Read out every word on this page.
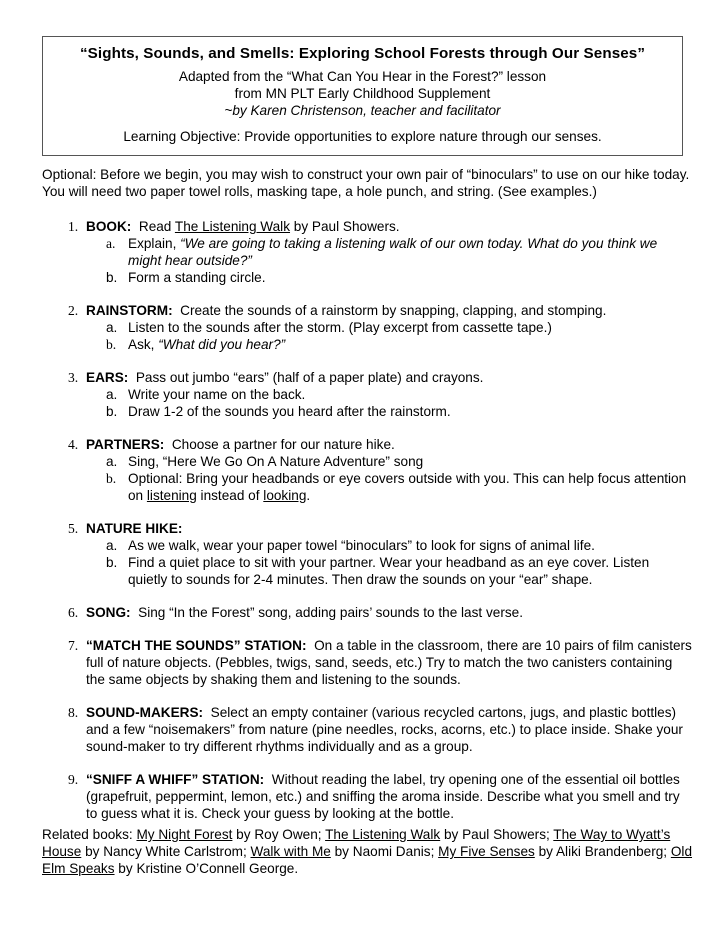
“Sights, Sounds, and Smells: Exploring School Forests through Our Senses”
Adapted from the “What Can You Hear in the Forest?” lesson
from MN PLT Early Childhood Supplement
~by Karen Christenson, teacher and facilitator
Learning Objective: Provide opportunities to explore nature through our senses.
Optional: Before we begin, you may wish to construct your own pair of “binoculars” to use on our hike today. You will need two paper towel rolls, masking tape, a hole punch, and string. (See examples.)
1. BOOK: Read The Listening Walk by Paul Showers.
a. Explain, “We are going to taking a listening walk of our own today. What do you think we might hear outside?”
b. Form a standing circle.
2. RAINSTORM: Create the sounds of a rainstorm by snapping, clapping, and stomping.
a. Listen to the sounds after the storm. (Play excerpt from cassette tape.)
b. Ask, “What did you hear?”
3. EARS: Pass out jumbo “ears” (half of a paper plate) and crayons.
a. Write your name on the back.
b. Draw 1-2 of the sounds you heard after the rainstorm.
4. PARTNERS: Choose a partner for our nature hike.
a. Sing, “Here We Go On A Nature Adventure” song
b. Optional: Bring your headbands or eye covers outside with you. This can help focus attention on listening instead of looking.
5. NATURE HIKE:
a. As we walk, wear your paper towel “binoculars” to look for signs of animal life.
b. Find a quiet place to sit with your partner. Wear your headband as an eye cover. Listen quietly to sounds for 2-4 minutes. Then draw the sounds on your “ear” shape.
6. SONG: Sing “In the Forest” song, adding pairs’ sounds to the last verse.
7. “MATCH THE SOUNDS” STATION: On a table in the classroom, there are 10 pairs of film canisters full of nature objects. (Pebbles, twigs, sand, seeds, etc.) Try to match the two canisters containing the same objects by shaking them and listening to the sounds.
8. SOUND-MAKERS: Select an empty container (various recycled cartons, jugs, and plastic bottles) and a few “noisemakers” from nature (pine needles, rocks, acorns, etc.) to place inside. Shake your sound-maker to try different rhythms individually and as a group.
9. “SNIFF A WHIFF” STATION: Without reading the label, try opening one of the essential oil bottles (grapefruit, peppermint, lemon, etc.) and sniffing the aroma inside. Describe what you smell and try to guess what it is. Check your guess by looking at the bottle.
Related books: My Night Forest by Roy Owen; The Listening Walk by Paul Showers; The Way to Wyatt’s House by Nancy White Carlstrom; Walk with Me by Naomi Danis; My Five Senses by Aliki Brandenberg; Old Elm Speaks by Kristine O’Connell George.
